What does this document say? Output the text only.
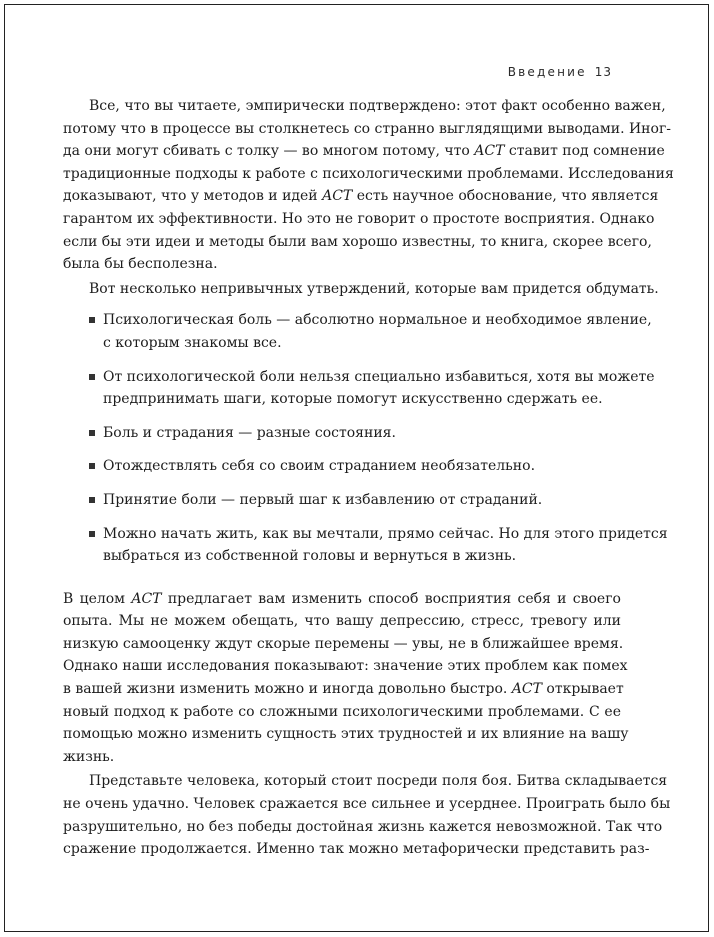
Введение 13
Все, что вы читаете, эмпирически подтверждено: этот факт особенно важен,
потому что в процессе вы столкнетесь со странно выглядящими выводами. Иног-
да они могут сбивать с толку — во многом потому, что ACT ставит под сомнение
традиционные подходы к работе с психологическими проблемами. Исследования
доказывают, что у методов и идей ACT есть научное обоснование, что является
гарантом их эффективности. Но это не говорит о простоте восприятия. Однако
если бы эти идеи и методы были вам хорошо известны, то книга, скорее всего,
была бы бесполезна.
Вот несколько непривычных утверждений, которые вам придется обдумать.
Психологическая боль — абсолютно нормальное и необходимое явление,
с которым знакомы все.
От психологической боли нельзя специально избавиться, хотя вы можете
предпринимать шаги, которые помогут искусственно сдержать ее.
Боль и страдания — разные состояния.
Отождествлять себя со своим страданием необязательно.
Принятие боли — первый шаг к избавлению от страданий.
Можно начать жить, как вы мечтали, прямо сейчас. Но для этого придется
выбраться из собственной головы и вернуться в жизнь.
В целом ACT предлагает вам изменить способ восприятия себя и своего
опыта. Мы не можем обещать, что вашу депрессию, стресс, тревогу или
низкую самооценку ждут скорые перемены — увы, не в ближайшее время.
Однако наши исследования показывают: значение этих проблем как помех
в вашей жизни изменить можно и иногда довольно быстро. ACT открывает
новый подход к работе со сложными психологическими проблемами. С ее
помощью можно изменить сущность этих трудностей и их влияние на вашу
жизнь.
Представьте человека, который стоит посреди поля боя. Битва складывается
не очень удачно. Человек сражается все сильнее и усерднее. Проиграть было бы
разрушительно, но без победы достойная жизнь кажется невозможной. Так что
сражение продолжается. Именно так можно метафорически представить раз-
